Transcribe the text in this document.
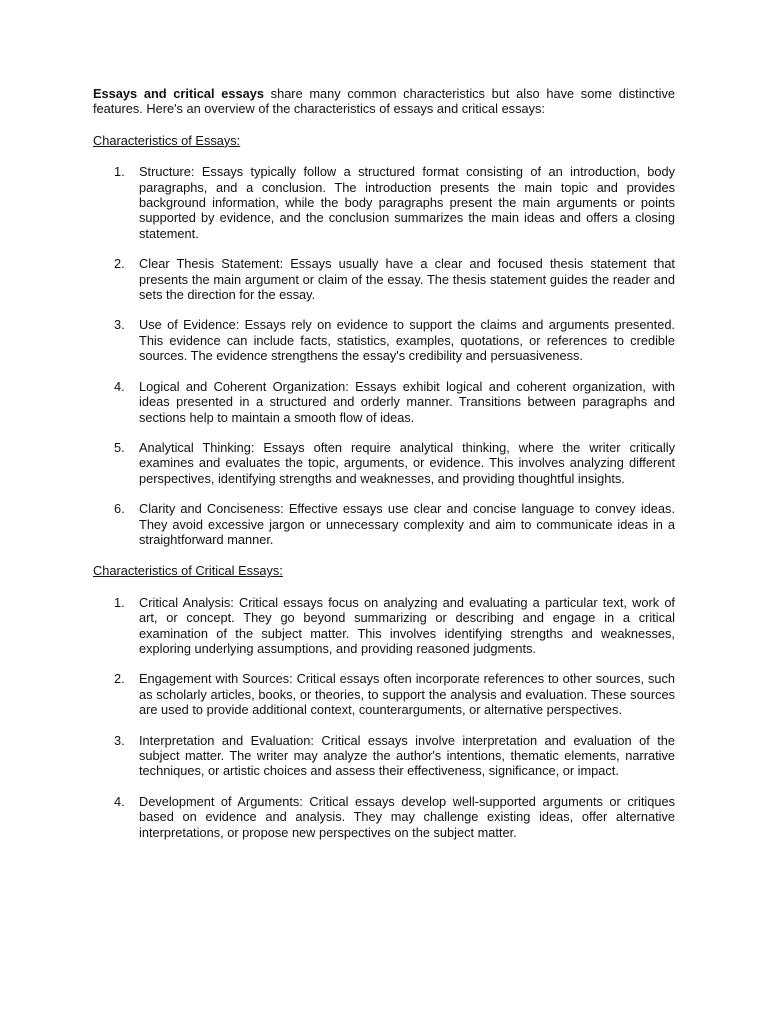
Essays and critical essays share many common characteristics but also have some distinctive features. Here's an overview of the characteristics of essays and critical essays:

Characteristics of Essays:

1. Structure: Essays typically follow a structured format consisting of an introduction, body paragraphs, and a conclusion. The introduction presents the main topic and provides background information, while the body paragraphs present the main arguments or points supported by evidence, and the conclusion summarizes the main ideas and offers a closing statement.
2. Clear Thesis Statement: Essays usually have a clear and focused thesis statement that presents the main argument or claim of the essay. The thesis statement guides the reader and sets the direction for the essay.
3. Use of Evidence: Essays rely on evidence to support the claims and arguments presented. This evidence can include facts, statistics, examples, quotations, or references to credible sources. The evidence strengthens the essay's credibility and persuasiveness.
4. Logical and Coherent Organization: Essays exhibit logical and coherent organization, with ideas presented in a structured and orderly manner. Transitions between paragraphs and sections help to maintain a smooth flow of ideas.
5. Analytical Thinking: Essays often require analytical thinking, where the writer critically examines and evaluates the topic, arguments, or evidence. This involves analyzing different perspectives, identifying strengths and weaknesses, and providing thoughtful insights.
6. Clarity and Conciseness: Effective essays use clear and concise language to convey ideas. They avoid excessive jargon or unnecessary complexity and aim to communicate ideas in a straightforward manner.

Characteristics of Critical Essays:

1. Critical Analysis: Critical essays focus on analyzing and evaluating a particular text, work of art, or concept. They go beyond summarizing or describing and engage in a critical examination of the subject matter. This involves identifying strengths and weaknesses, exploring underlying assumptions, and providing reasoned judgments.
2. Engagement with Sources: Critical essays often incorporate references to other sources, such as scholarly articles, books, or theories, to support the analysis and evaluation. These sources are used to provide additional context, counterarguments, or alternative perspectives.
3. Interpretation and Evaluation: Critical essays involve interpretation and evaluation of the subject matter. The writer may analyze the author's intentions, thematic elements, narrative techniques, or artistic choices and assess their effectiveness, significance, or impact.
4. Development of Arguments: Critical essays develop well-supported arguments or critiques based on evidence and analysis. They may challenge existing ideas, offer alternative interpretations, or propose new perspectives on the subject matter.
